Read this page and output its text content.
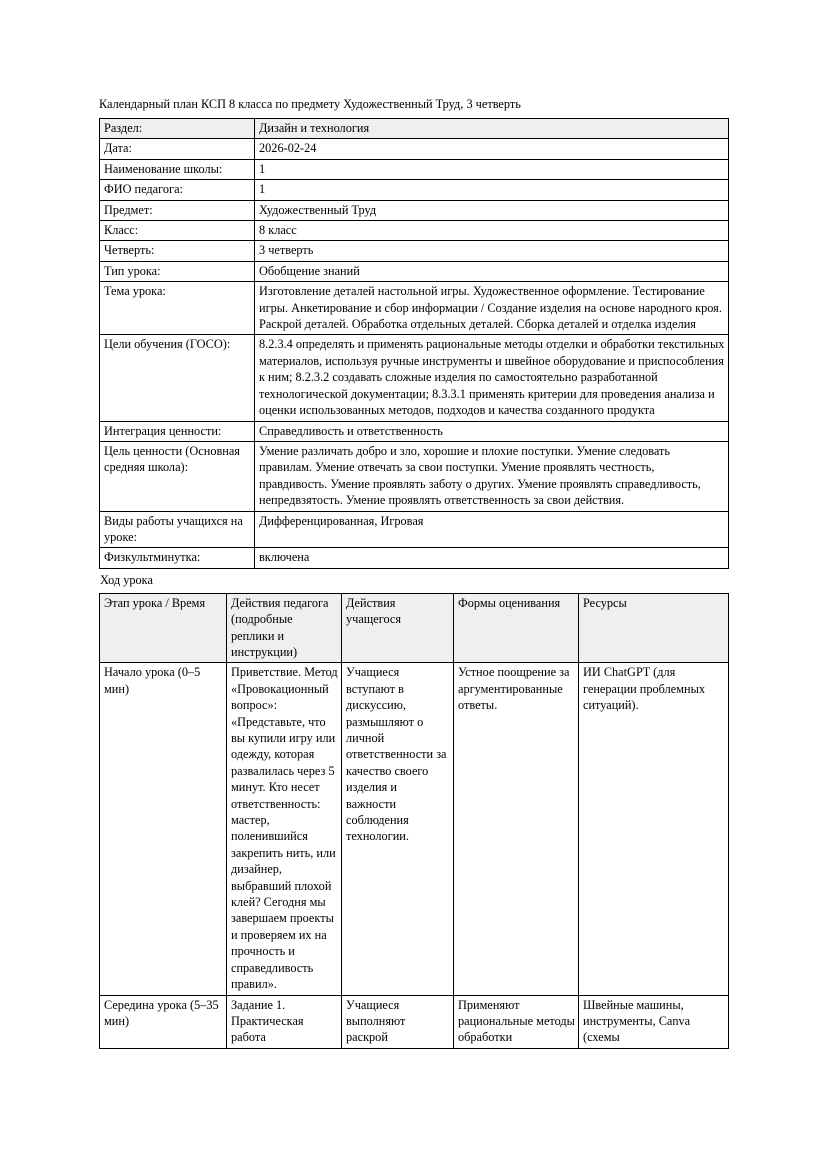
Календарный план КСП 8 класса по предмету Художественный Труд, 3 четверть

Раздел:	Дизайн и технология
Дата:	2026-02-24
Наименование школы:	1
ФИО педагога:	1
Предмет:	Художественный Труд
Класс:	8 класс
Четверть:	3 четверть
Тип урока:	Обобщение знаний
Тема урока:	Изготовление деталей настольной игры. Художественное оформление. Тестирование игры. Анкетирование и сбор информации / Создание изделия на основе народного кроя. Раскрой деталей. Обработка отдельных деталей. Сборка деталей и отделка изделия
Цели обучения (ГОСО):	8.2.3.4 определять и применять рациональные методы отделки и обработки текстильных материалов, используя ручные инструменты и швейное оборудование и приспособления к ним; 8.2.3.2 создавать сложные изделия по самостоятельно разработанной технологической документации; 8.3.3.1 применять критерии для проведения анализа и оценки использованных методов, подходов и качества созданного продукта
Интеграция ценности:	Справедливость и ответственность
Цель ценности (Основная средняя школа):	Умение различать добро и зло, хорошие и плохие поступки. Умение следовать правилам. Умение отвечать за свои поступки. Умение проявлять честность, правдивость. Умение проявлять заботу о других. Умение проявлять справедливость, непредвзятость. Умение проявлять ответственность за свои действия.
Виды работы учащихся на уроке:	Дифференцированная, Игровая
Физкультминутка:	включена

Ход урока

Этап урока / Время	Действия педагога (подробные реплики и инструкции)	Действия учащегося	Формы оценивания	Ресурсы
Начало урока (0–5 мин)	Приветствие. Метод «Провокационный вопрос»: «Представьте, что вы купили игру или одежду, которая развалилась через 5 минут. Кто несет ответственность: мастер, поленившийся закрепить нить, или дизайнер, выбравший плохой клей? Сегодня мы завершаем проекты и проверяем их на прочность и справедливость правил».	Учащиеся вступают в дискуссию, размышляют о личной ответственности за качество своего изделия и важности соблюдения технологии.	Устное поощрение за аргументированные ответы.	ИИ ChatGPT (для генерации проблемных ситуаций).
Середина урока (5–35 мин)	Задание 1. Практическая работа	Учащиеся выполняют раскрой	Применяют рациональные методы обработки	Швейные машины, инструменты, Canva (схемы
